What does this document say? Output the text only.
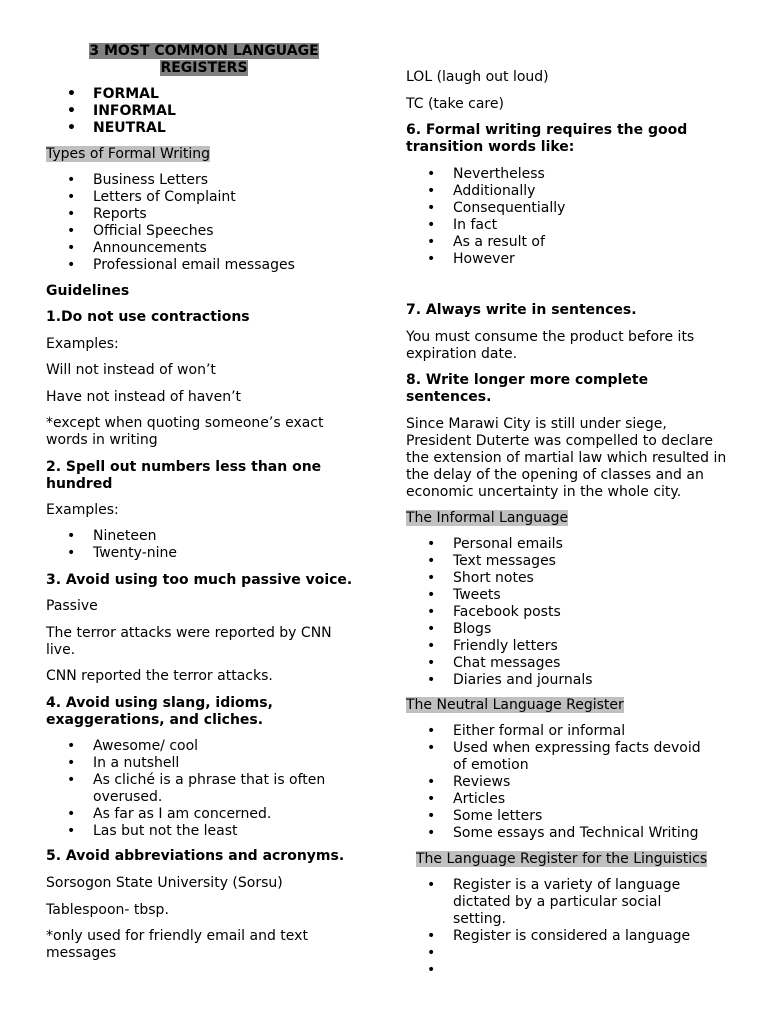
3 MOST COMMON LANGUAGE
REGISTERS
• FORMAL
• INFORMAL
• NEUTRAL

Types of Formal Writing

• Business Letters
• Letters of Complaint
• Reports
• Official Speeches
• Announcements
• Professional email messages

Guidelines

1.Do not use contractions

Examples:

Will not instead of won’t

Have not instead of haven’t

*except when quoting someone’s exact words in writing

2. Spell out numbers less than one hundred

Examples:

• Nineteen
• Twenty-nine

3. Avoid using too much passive voice.

Passive

The terror attacks were reported by CNN live.

CNN reported the terror attacks.

4. Avoid using slang, idioms, exaggerations, and cliches.

• Awesome/ cool
• In a nutshell
• As cliché is a phrase that is often overused.
• As far as I am concerned.
• Las but not the least

5. Avoid abbreviations and acronyms.

Sorsogon State University (Sorsu)

Tablespoon- tbsp.

*only used for friendly email and text messages

LOL (laugh out loud)

TC (take care)

6. Formal writing requires the good transition words like:

• Nevertheless
• Additionally
• Consequentially
• In fact
• As a result of
• However

7. Always write in sentences.

You must consume the product before its expiration date.

8. Write longer more complete sentences.

Since Marawi City is still under siege, President Duterte was compelled to declare the extension of martial law which resulted in the delay of the opening of classes and an economic uncertainty in the whole city.

The Informal Language

• Personal emails
• Text messages
• Short notes
• Tweets
• Facebook posts
• Blogs
• Friendly letters
• Chat messages
• Diaries and journals

The Neutral Language Register

• Either formal or informal
• Used when expressing facts devoid of emotion
• Reviews
• Articles
• Some letters
• Some essays and Technical Writing

The Language Register for the Linguistics

• Register is a variety of language dictated by a particular social setting.
• Register is considered a language
•
•
